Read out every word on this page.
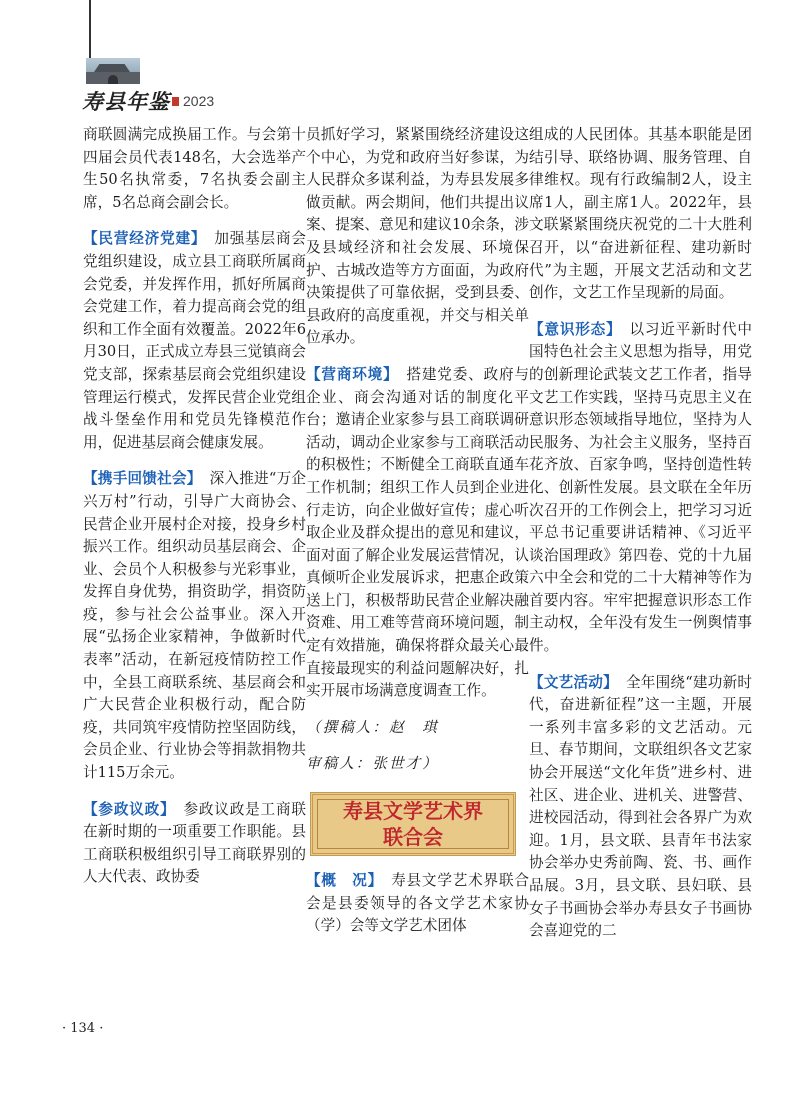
寿县年鉴 2023

商联圆满完成换届工作。与会第十四届会员代表148名，大会选举产生50名执常委，7名执委会副主席，5名总商会副会长。

【民营经济党建】 加强基层商会党组织建设，成立县工商联所属商会党委，并发挥作用，抓好所属商会党建工作，着力提高商会党的组织和工作全面有效覆盖。2022年6月30日，正式成立寿县三觉镇商会党支部，探索基层商会党组织建设管理运行模式，发挥民营企业党组战斗堡垒作用和党员先锋模范作用，促进基层商会健康发展。

【携手回馈社会】 深入推进“万企兴万村”行动，引导广大商协会、民营企业开展村企对接，投身乡村振兴工作。组织动员基层商会、企业、会员个人积极参与光彩事业，发挥自身优势，捐资助学，捐资防疫，参与社会公益事业。深入开展“弘扬企业家精神，争做新时代表率”活动，在新冠疫情防控工作中，全县工商联系统、基层商会和广大民营企业积极行动，配合防疫，共同筑牢疫情防控坚固防线，会员企业、行业协会等捐款捐物共计115万余元。

【参政议政】 参政议政是工商联在新时期的一项重要工作职能。县工商联积极组织引导工商联界别的人大代表、政协委

员抓好学习，紧紧围绕经济建设这个中心，为党和政府当好参谋，为人民群众多谋利益，为寿县发展多做贡献。两会期间，他们共提出议案、提案、意见和建议10余条，涉及县域经济和社会发展、环境保护、古城改造等方方面面，为政府决策提供了可靠依据，受到县委、县政府的高度重视，并交与相关单位承办。

【营商环境】 搭建党委、政府与企业、商会沟通对话的制度化平台；邀请企业家参与县工商联调研活动，调动企业家参与工商联活动的积极性；不断健全工商联直通车工作机制；组织工作人员到企业进行走访，向企业做好宣传；虚心听取企业及群众提出的意见和建议，面对面了解企业发展运营情况，认真倾听企业发展诉求，把惠企政策送上门，积极帮助民营企业解决融资难、用工难等营商环境问题，制定有效措施，确保将群众最关心最直接最现实的利益问题解决好，扎实开展市场满意度调查工作。

（撰稿人：赵　琪

审稿人：张世才）

寿县文学艺术界
联合会

【概　况】 寿县文学艺术界联合会是县委领导的各文学艺术家协（学）会等文学艺术团体

组成的人民团体。其基本职能是团结引导、联络协调、服务管理、自律维权。现有行政编制2人，设主席1人，副主席1人。2022年，县文联紧紧围绕庆祝党的二十大胜利召开，以“奋进新征程、建功新时代”为主题，开展文艺活动和文艺创作，文艺工作呈现新的局面。

【意识形态】 以习近平新时代中国特色社会主义思想为指导，用党的创新理论武装文艺工作者，指导文艺工作实践，坚持马克思主义在意识形态领域指导地位，坚持为人民服务、为社会主义服务，坚持百花齐放、百家争鸣，坚持创造性转化、创新性发展。县文联在全年历次召开的工作例会上，把学习习近平总书记重要讲话精神、《习近平谈治国理政》第四卷、党的十九届六中全会和党的二十大精神等作为首要内容。牢牢把握意识形态工作主动权，全年没有发生一例舆情事件。

【文艺活动】 全年围绕“建功新时代，奋进新征程”这一主题，开展一系列丰富多彩的文艺活动。元旦、春节期间，文联组织各文艺家协会开展送“文化年货”进乡村、进社区、进企业、进机关、进警营、进校园活动，得到社会各界广为欢迎。1月，县文联、县青年书法家协会举办史秀前陶、瓷、书、画作品展。3月，县文联、县妇联、县女子书画协会举办寿县女子书画协会喜迎党的二

· 134 ·
